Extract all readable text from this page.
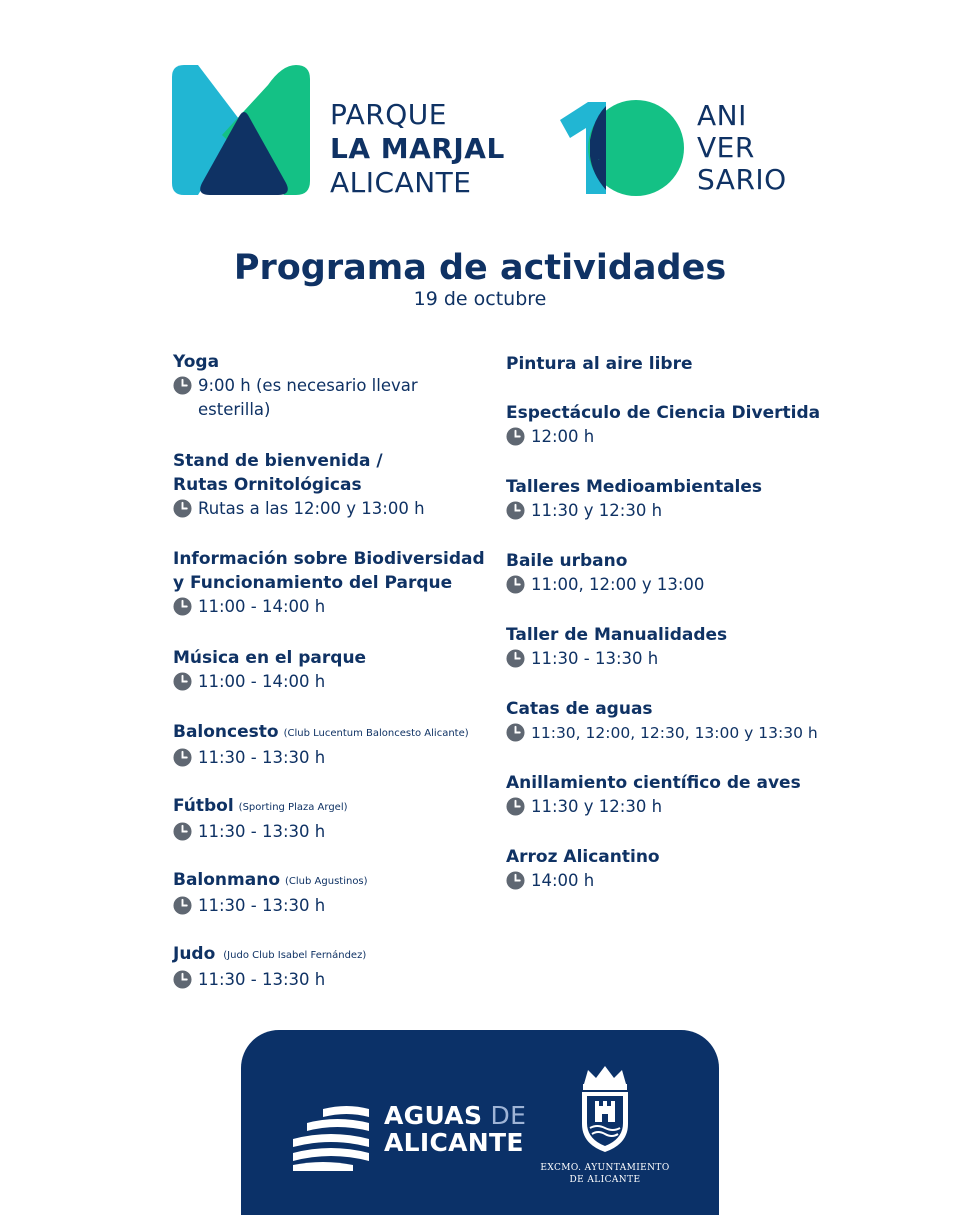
PARQUE
LA MARJAL
ALICANTE
10
ANI
VER
SARIO
Programa de actividades
19 de octubre
Yoga
9:00 h (es necesario llevar esterilla)
Stand de bienvenida / Rutas Ornitológicas
Rutas a las 12:00 y 13:00 h
Información sobre Biodiversidad y Funcionamiento del Parque
11:00 - 14:00 h
Música en el parque
11:00 - 14:00 h
Baloncesto (Club Lucentum Baloncesto Alicante)
11:30 - 13:30 h
Fútbol (Sporting Plaza Argel)
11:30 - 13:30 h
Balonmano (Club Agustinos)
11:30 - 13:30 h
Judo (Judo Club Isabel Fernández)
11:30 - 13:30 h
Pintura al aire libre
Espectáculo de Ciencia Divertida
12:00 h
Talleres Medioambientales
11:30 y 12:30 h
Baile urbano
11:00, 12:00 y 13:00
Taller de Manualidades
11:30 - 13:30 h
Catas de aguas
11:30, 12:00, 12:30, 13:00 y 13:30 h
Anillamiento científico de aves
11:30 y 12:30 h
Arroz Alicantino
14:00 h
AGUAS DE
ALICANTE
EXCMO. AYUNTAMIENTO
DE ALICANTE
